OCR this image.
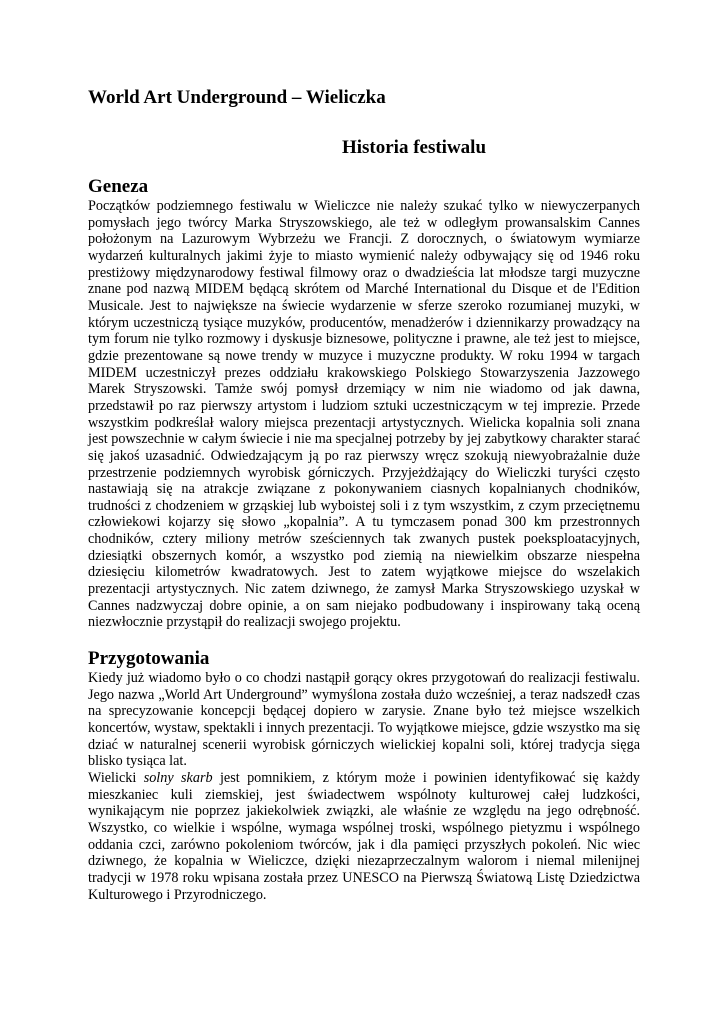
World Art Underground – Wieliczka
Historia festiwalu
Geneza

Początków podziemnego festiwalu w Wieliczce nie należy szukać tylko w niewyczerpanych pomysłach jego twórcy Marka Stryszowskiego, ale też w odległym prowansalskim Cannes położonym na Lazurowym Wybrzeżu we Francji. Z dorocznych, o światowym wymiarze wydarzeń kulturalnych jakimi żyje to miasto wymienić należy odbywający się od 1946 roku prestiżowy międzynarodowy festiwal filmowy oraz o dwadzieścia lat młodsze targi muzyczne znane pod nazwą MIDEM będącą skrótem od Marché International du Disque et de l'Edition Musicale. Jest to największe na świecie wydarzenie w sferze szeroko rozumianej muzyki, w którym uczestniczą tysiące muzyków, producentów, menadżerów i dziennikarzy prowadzący na tym forum nie tylko rozmowy i dyskusje biznesowe, polityczne i prawne, ale też jest to miejsce, gdzie prezentowane są nowe trendy w muzyce i muzyczne produkty. W roku 1994 w targach MIDEM uczestniczył prezes oddziału krakowskiego Polskiego Stowarzyszenia Jazzowego Marek Stryszowski. Tamże swój pomysł drzemiący w nim nie wiadomo od jak dawna, przedstawił po raz pierwszy artystom i ludziom sztuki uczestniczącym w tej imprezie. Przede wszystkim podkreślał walory miejsca prezentacji artystycznych. Wielicka kopalnia soli znana jest powszechnie w całym świecie i nie ma specjalnej potrzeby by jej zabytkowy charakter starać się jakoś uzasadnić. Odwiedzającym ją po raz pierwszy wręcz szokują niewyobrażalnie duże przestrzenie podziemnych wyrobisk górniczych. Przyjeżdżający do Wieliczki turyści często nastawiają się na atrakcje związane z pokonywaniem ciasnych kopalnianych chodników, trudności z chodzeniem w grząskiej lub wyboistej soli i z tym wszystkim, z czym przeciętnemu człowiekowi kojarzy się słowo „kopalnia”. A tu tymczasem ponad 300 km przestronnych chodników, cztery miliony metrów sześciennych tak zwanych pustek poeksploatacyjnych, dziesiątki obszernych komór, a wszystko pod ziemią na niewielkim obszarze niespełna dziesięciu kilometrów kwadratowych. Jest to zatem wyjątkowe miejsce do wszelakich prezentacji artystycznych. Nic zatem dziwnego, że zamysł Marka Stryszowskiego uzyskał w Cannes nadzwyczaj dobre opinie, a on sam niejako podbudowany i inspirowany taką oceną niezwłocznie przystąpił do realizacji swojego projektu.

Przygotowania

Kiedy już wiadomo było o co chodzi nastąpił gorący okres przygotowań do realizacji festiwalu. Jego nazwa „World Art Underground” wymyślona została dużo wcześniej, a teraz nadszedł czas na sprecyzowanie koncepcji będącej dopiero w zarysie. Znane było też miejsce wszelkich koncertów, wystaw, spektakli i innych prezentacji. To wyjątkowe miejsce, gdzie wszystko ma się dziać w naturalnej scenerii wyrobisk górniczych wielickiej kopalni soli, której tradycja sięga blisko tysiąca lat.

Wielicki solny skarb jest pomnikiem, z którym może i powinien identyfikować się każdy mieszkaniec kuli ziemskiej, jest świadectwem wspólnoty kulturowej całej ludzkości, wynikającym nie poprzez jakiekolwiek związki, ale właśnie ze względu na jego odrębność. Wszystko, co wielkie i wspólne, wymaga wspólnej troski, wspólnego pietyzmu i wspólnego oddania czci, zarówno pokoleniom twórców, jak i dla pamięci przyszłych pokoleń. Nic wiec dziwnego, że kopalnia w Wieliczce, dzięki niezaprzeczalnym walorom i niemal milenijnej tradycji w 1978 roku wpisana została przez UNESCO na Pierwszą Światową Listę Dziedzictwa Kulturowego i Przyrodniczego.
